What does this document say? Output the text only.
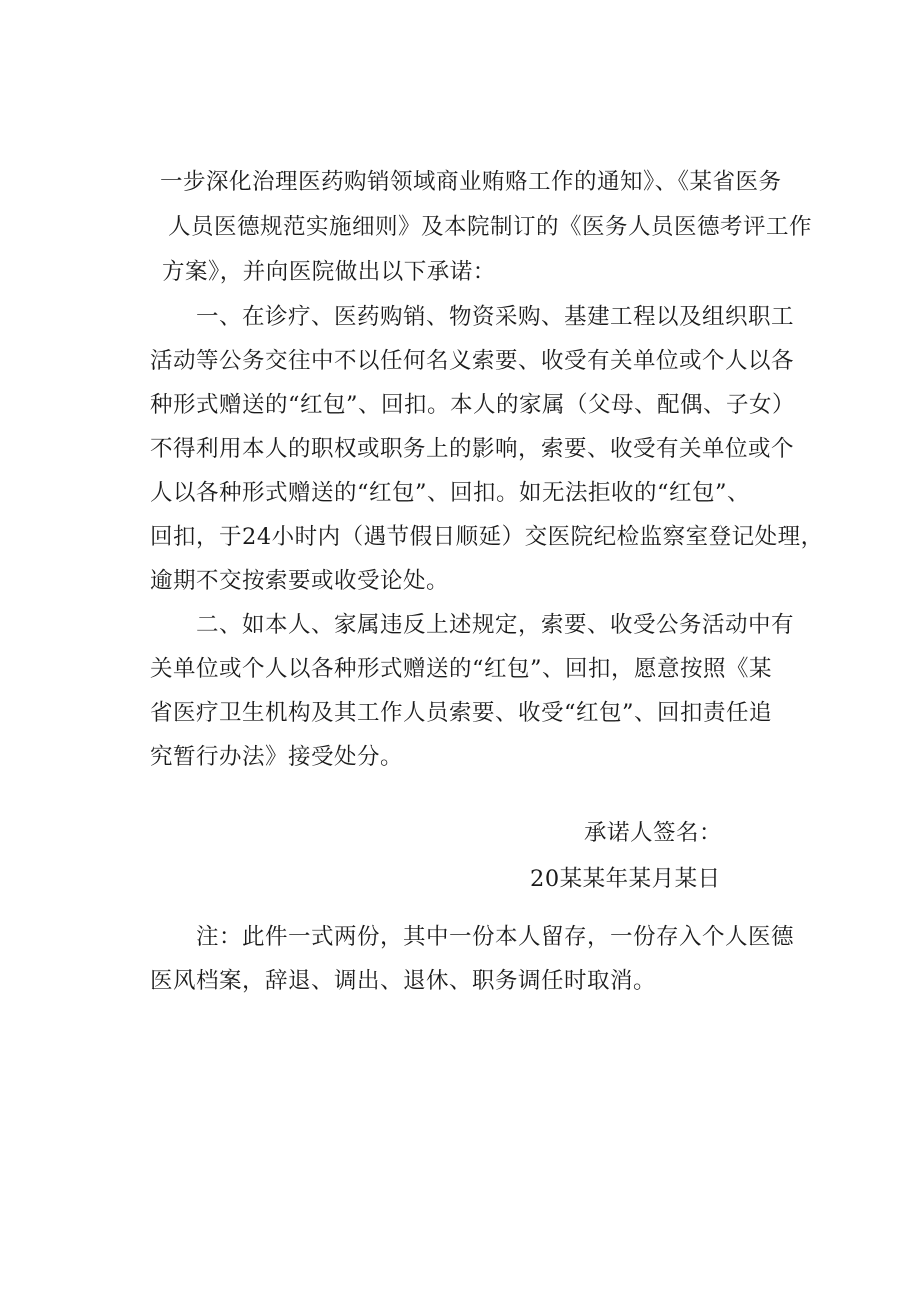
一步深化治理医药购销领域商业贿赂工作的通知》、《某省医务
人员医德规范实施细则》及本院制订的《医务人员医德考评工作
方案》，并向医院做出以下承诺：
一、在诊疗、医药购销、物资采购、基建工程以及组织职工
活动等公务交往中不以任何名义索要、收受有关单位或个人以各
种形式赠送的“红包”、回扣。本人的家属（父母、配偶、子女）
不得利用本人的职权或职务上的影响，索要、收受有关单位或个
人以各种形式赠送的“红包”、回扣。如无法拒收的“红包”、
回扣，于24小时内（遇节假日顺延）交医院纪检监察室登记处理，
逾期不交按索要或收受论处。
二、如本人、家属违反上述规定，索要、收受公务活动中有
关单位或个人以各种形式赠送的“红包”、回扣，愿意按照《某
省医疗卫生机构及其工作人员索要、收受“红包”、回扣责任追
究暂行办法》接受处分。
承诺人签名：
20某某年某月某日
注：此件一式两份，其中一份本人留存，一份存入个人医德
医风档案，辞退、调出、退休、职务调任时取消。
